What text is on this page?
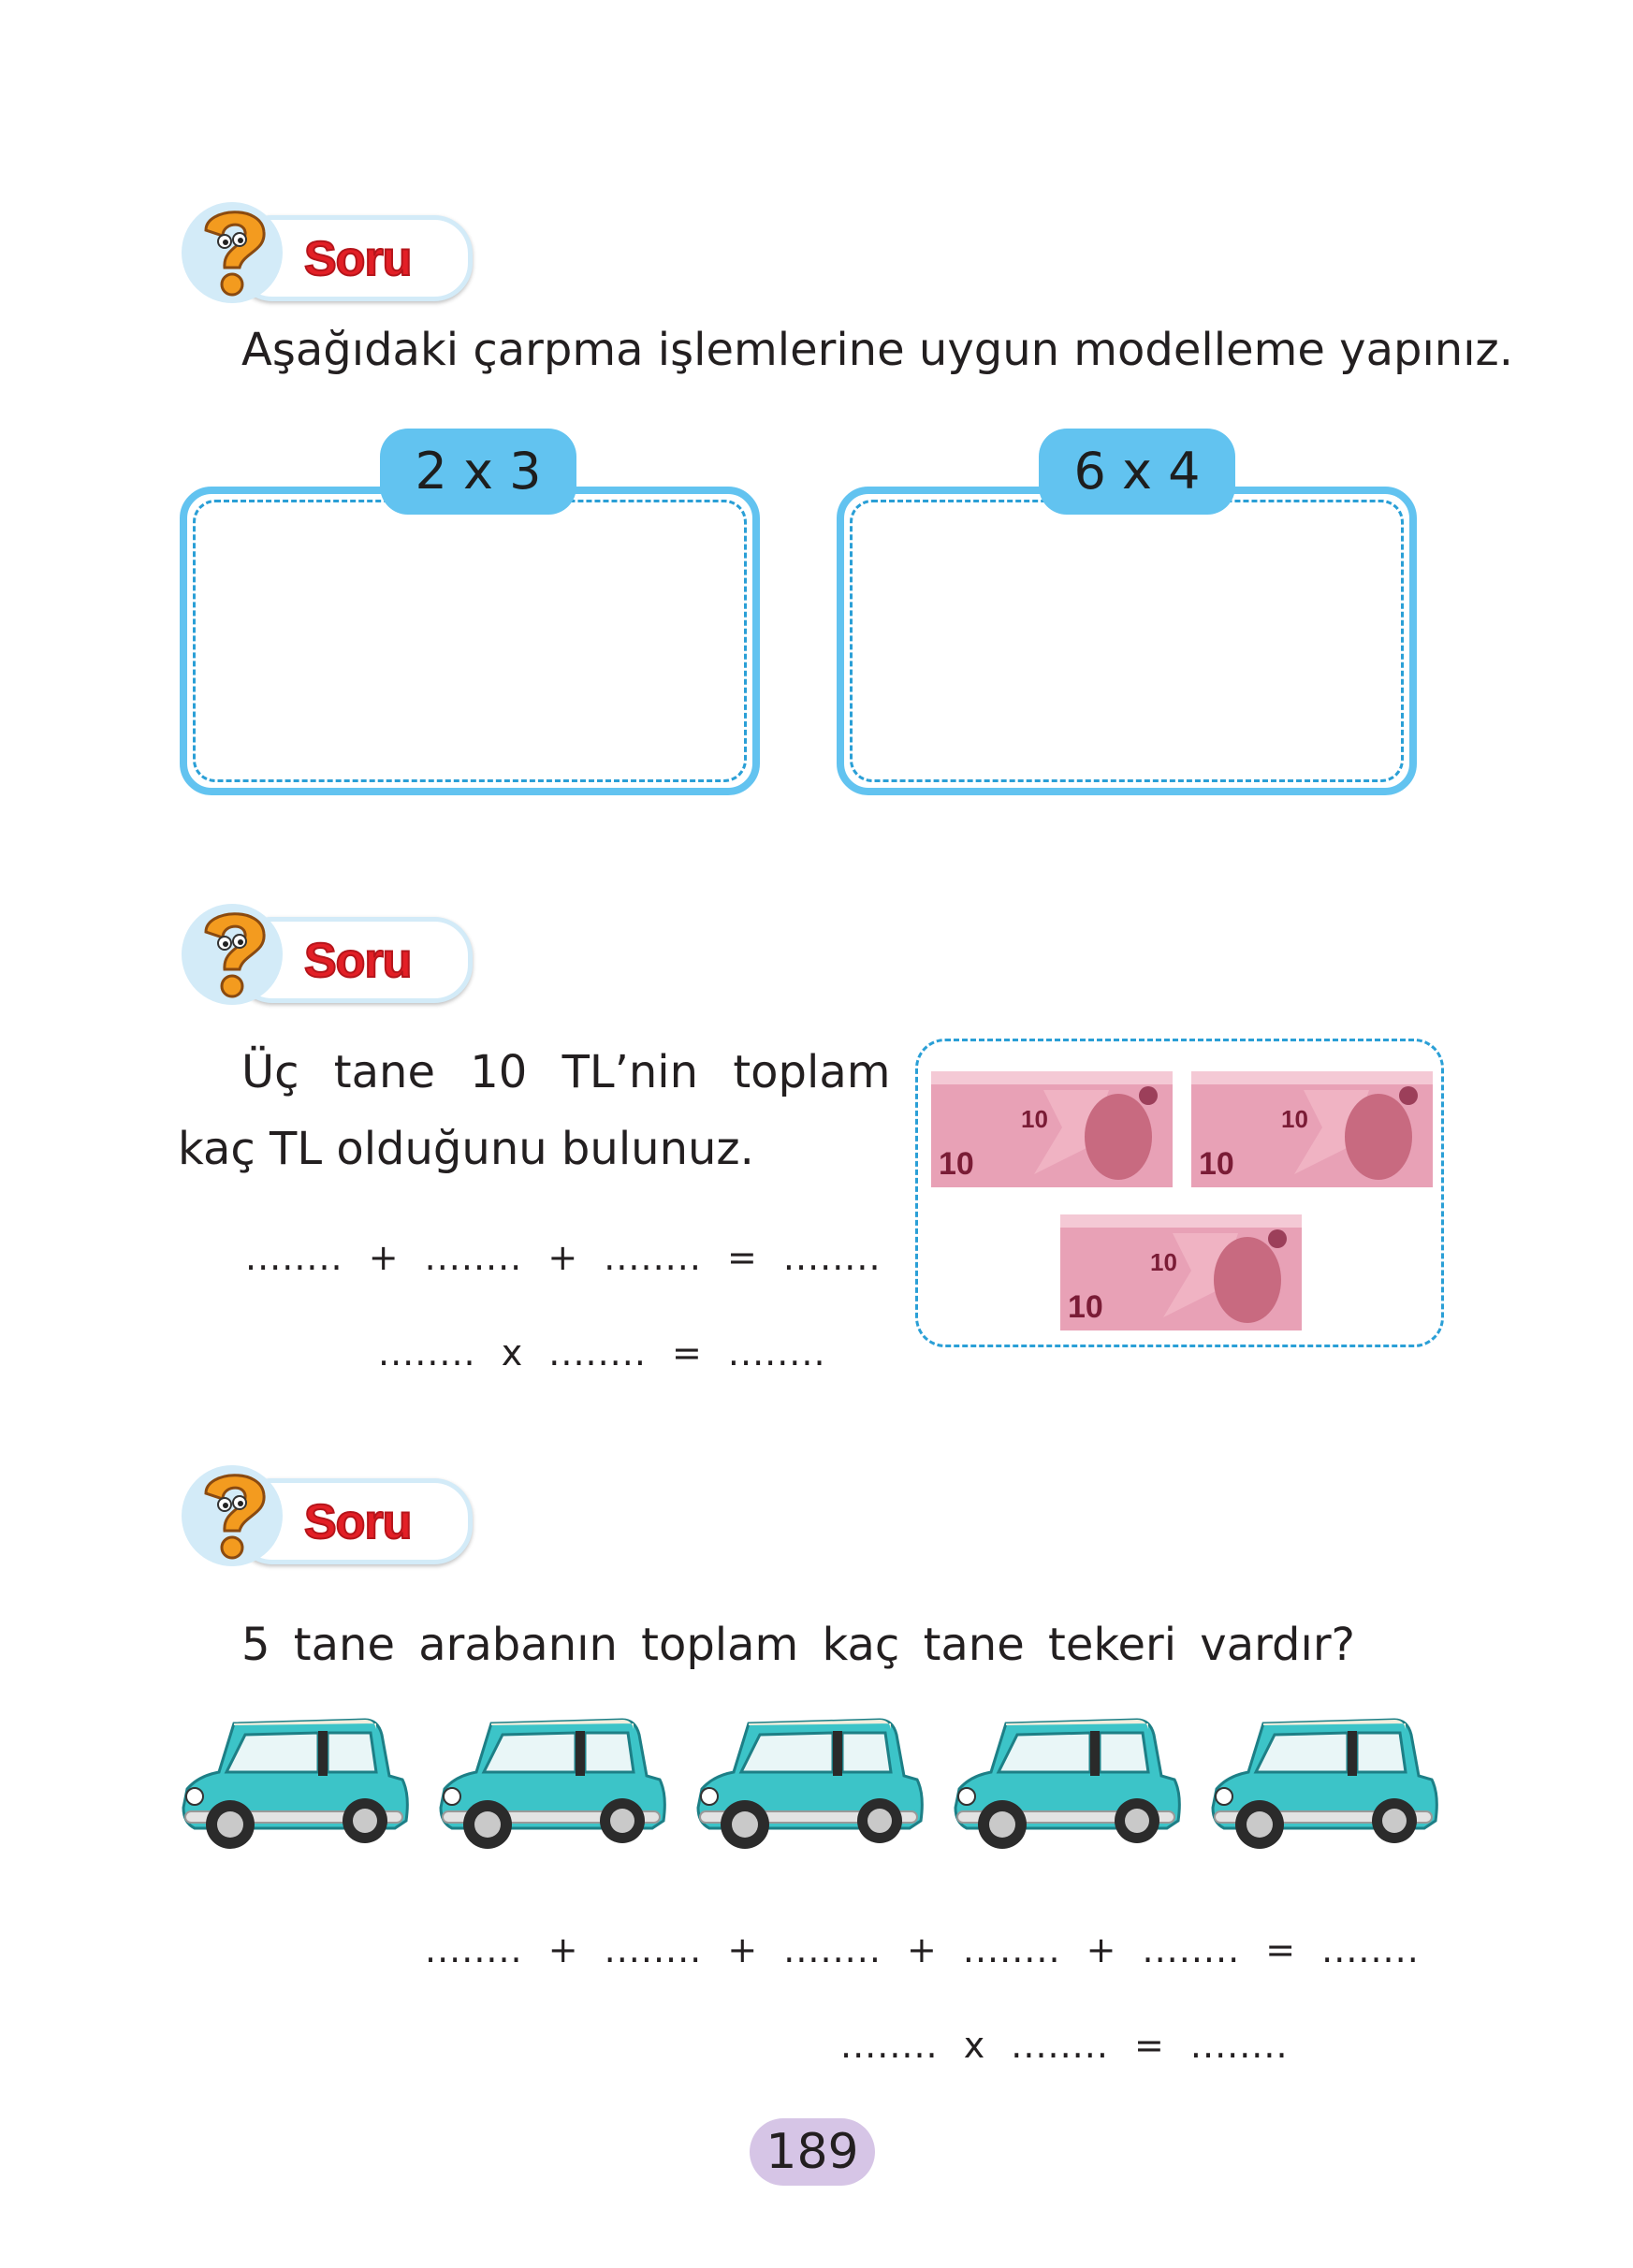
Soru
Aşağıdaki çarpma işlemlerine uygun modelleme yapınız.
2 x 3	6 x 4
Soru
Üç tane 10 TL’nin toplam
kaç TL olduğunu bulunuz.
........ + ........ + ........ = ........
........ x ........ = ........
10
10
10
10
10
10
Soru
5 tane arabanın toplam kaç tane tekeri vardır?
........ + ........ + ........ + ........ + ........ = ........
........ x ........ = ........
189
